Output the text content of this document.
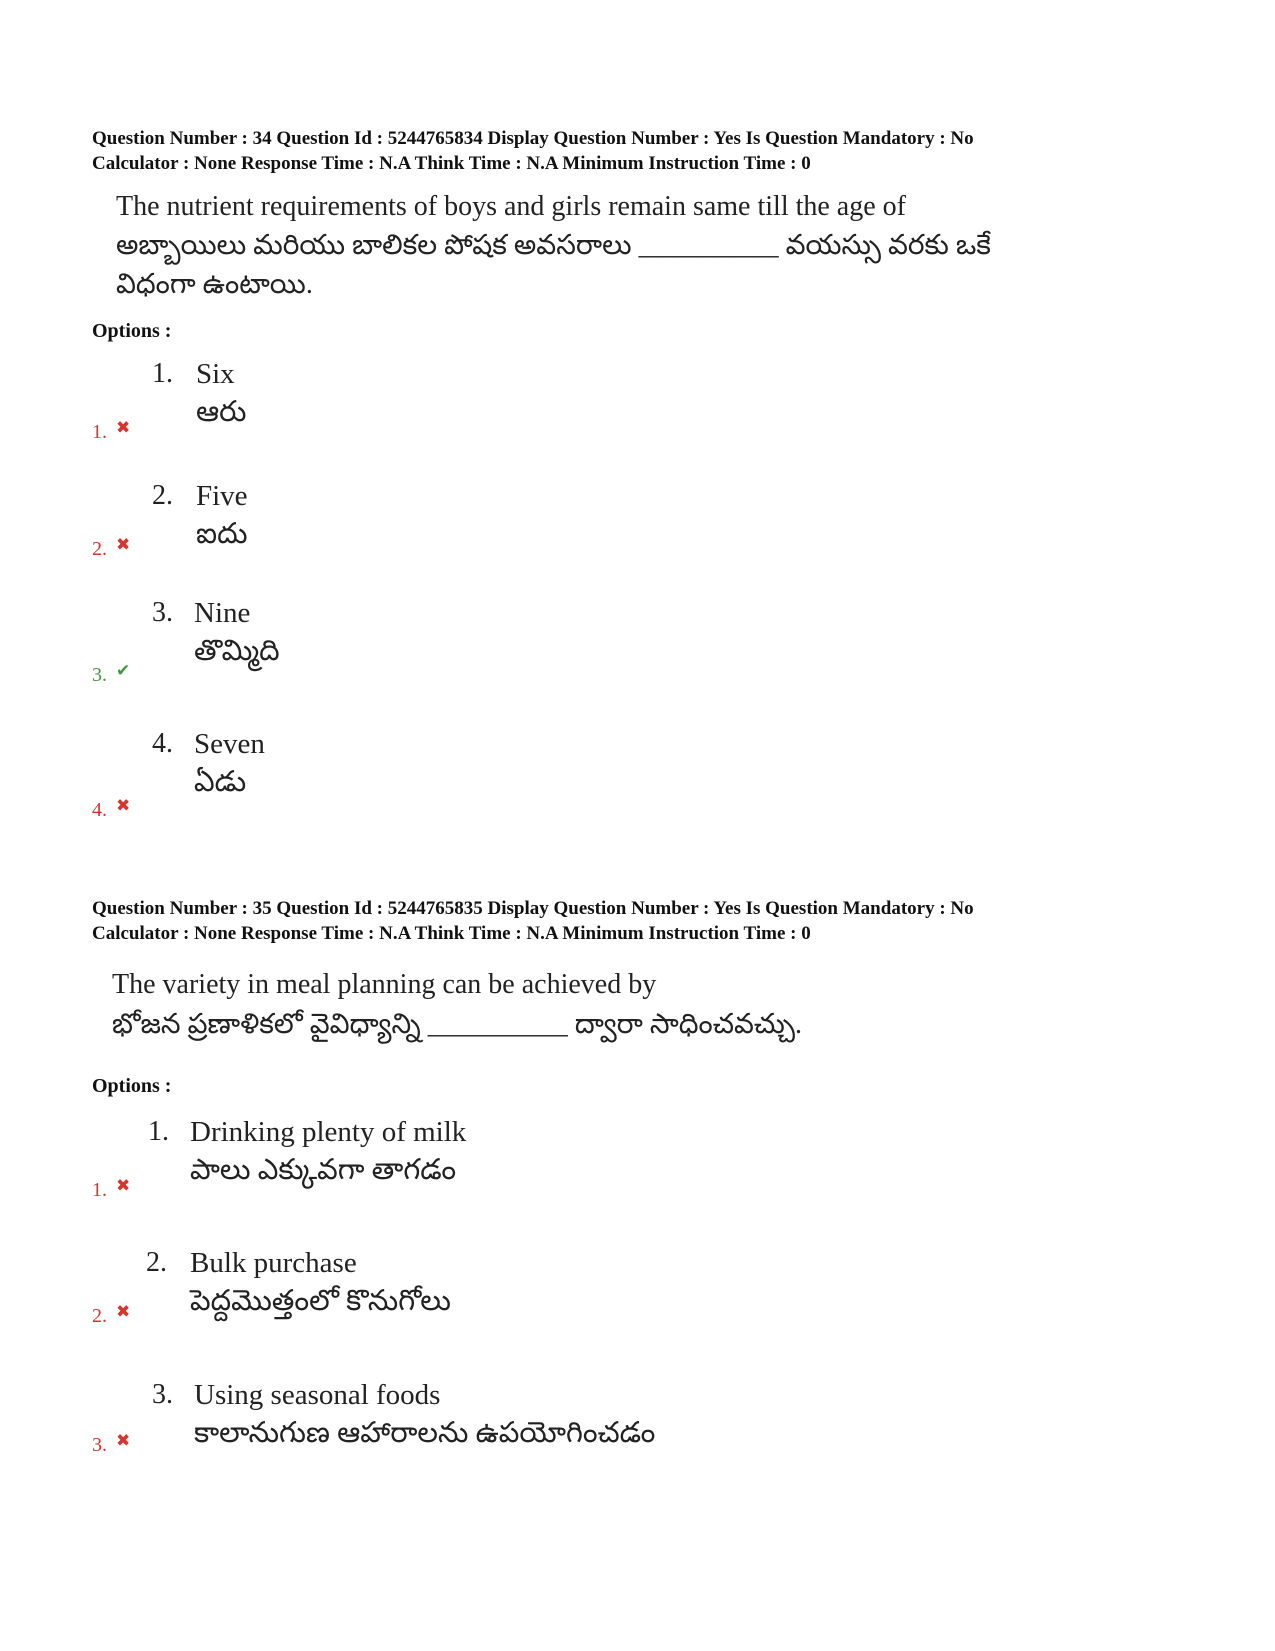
Question Number : 34 Question Id : 5244765834 Display Question Number : Yes Is Question Mandatory : No
Calculator : None Response Time : N.A Think Time : N.A Minimum Instruction Time : 0
The nutrient requirements of boys and girls remain same till the age of
అబ్బాయిలు మరియు బాలికల పోషక అవసరాలు __________ వయస్సు వరకు ఒకే
విధంగా ఉంటాయి.
Options :
1. Six
ఆరు
1. ✖
2. Five
ఐదు
2. ✖
3. Nine
తొమ్మిది
3. ✔
4. Seven
ఏడు
4. ✖
Question Number : 35 Question Id : 5244765835 Display Question Number : Yes Is Question Mandatory : No
Calculator : None Response Time : N.A Think Time : N.A Minimum Instruction Time : 0
The variety in meal planning can be achieved by
భోజన ప్రణాళికలో వైవిధ్యాన్ని __________ ద్వారా సాధించవచ్చు.
Options :
1. Drinking plenty of milk
పాలు ఎక్కువగా తాగడం
1. ✖
2. Bulk purchase
పెద్దమొత్తంలో కొనుగోలు
2. ✖
3. Using seasonal foods
కాలానుగుణ ఆహారాలను ఉపయోగించడం
3. ✖
